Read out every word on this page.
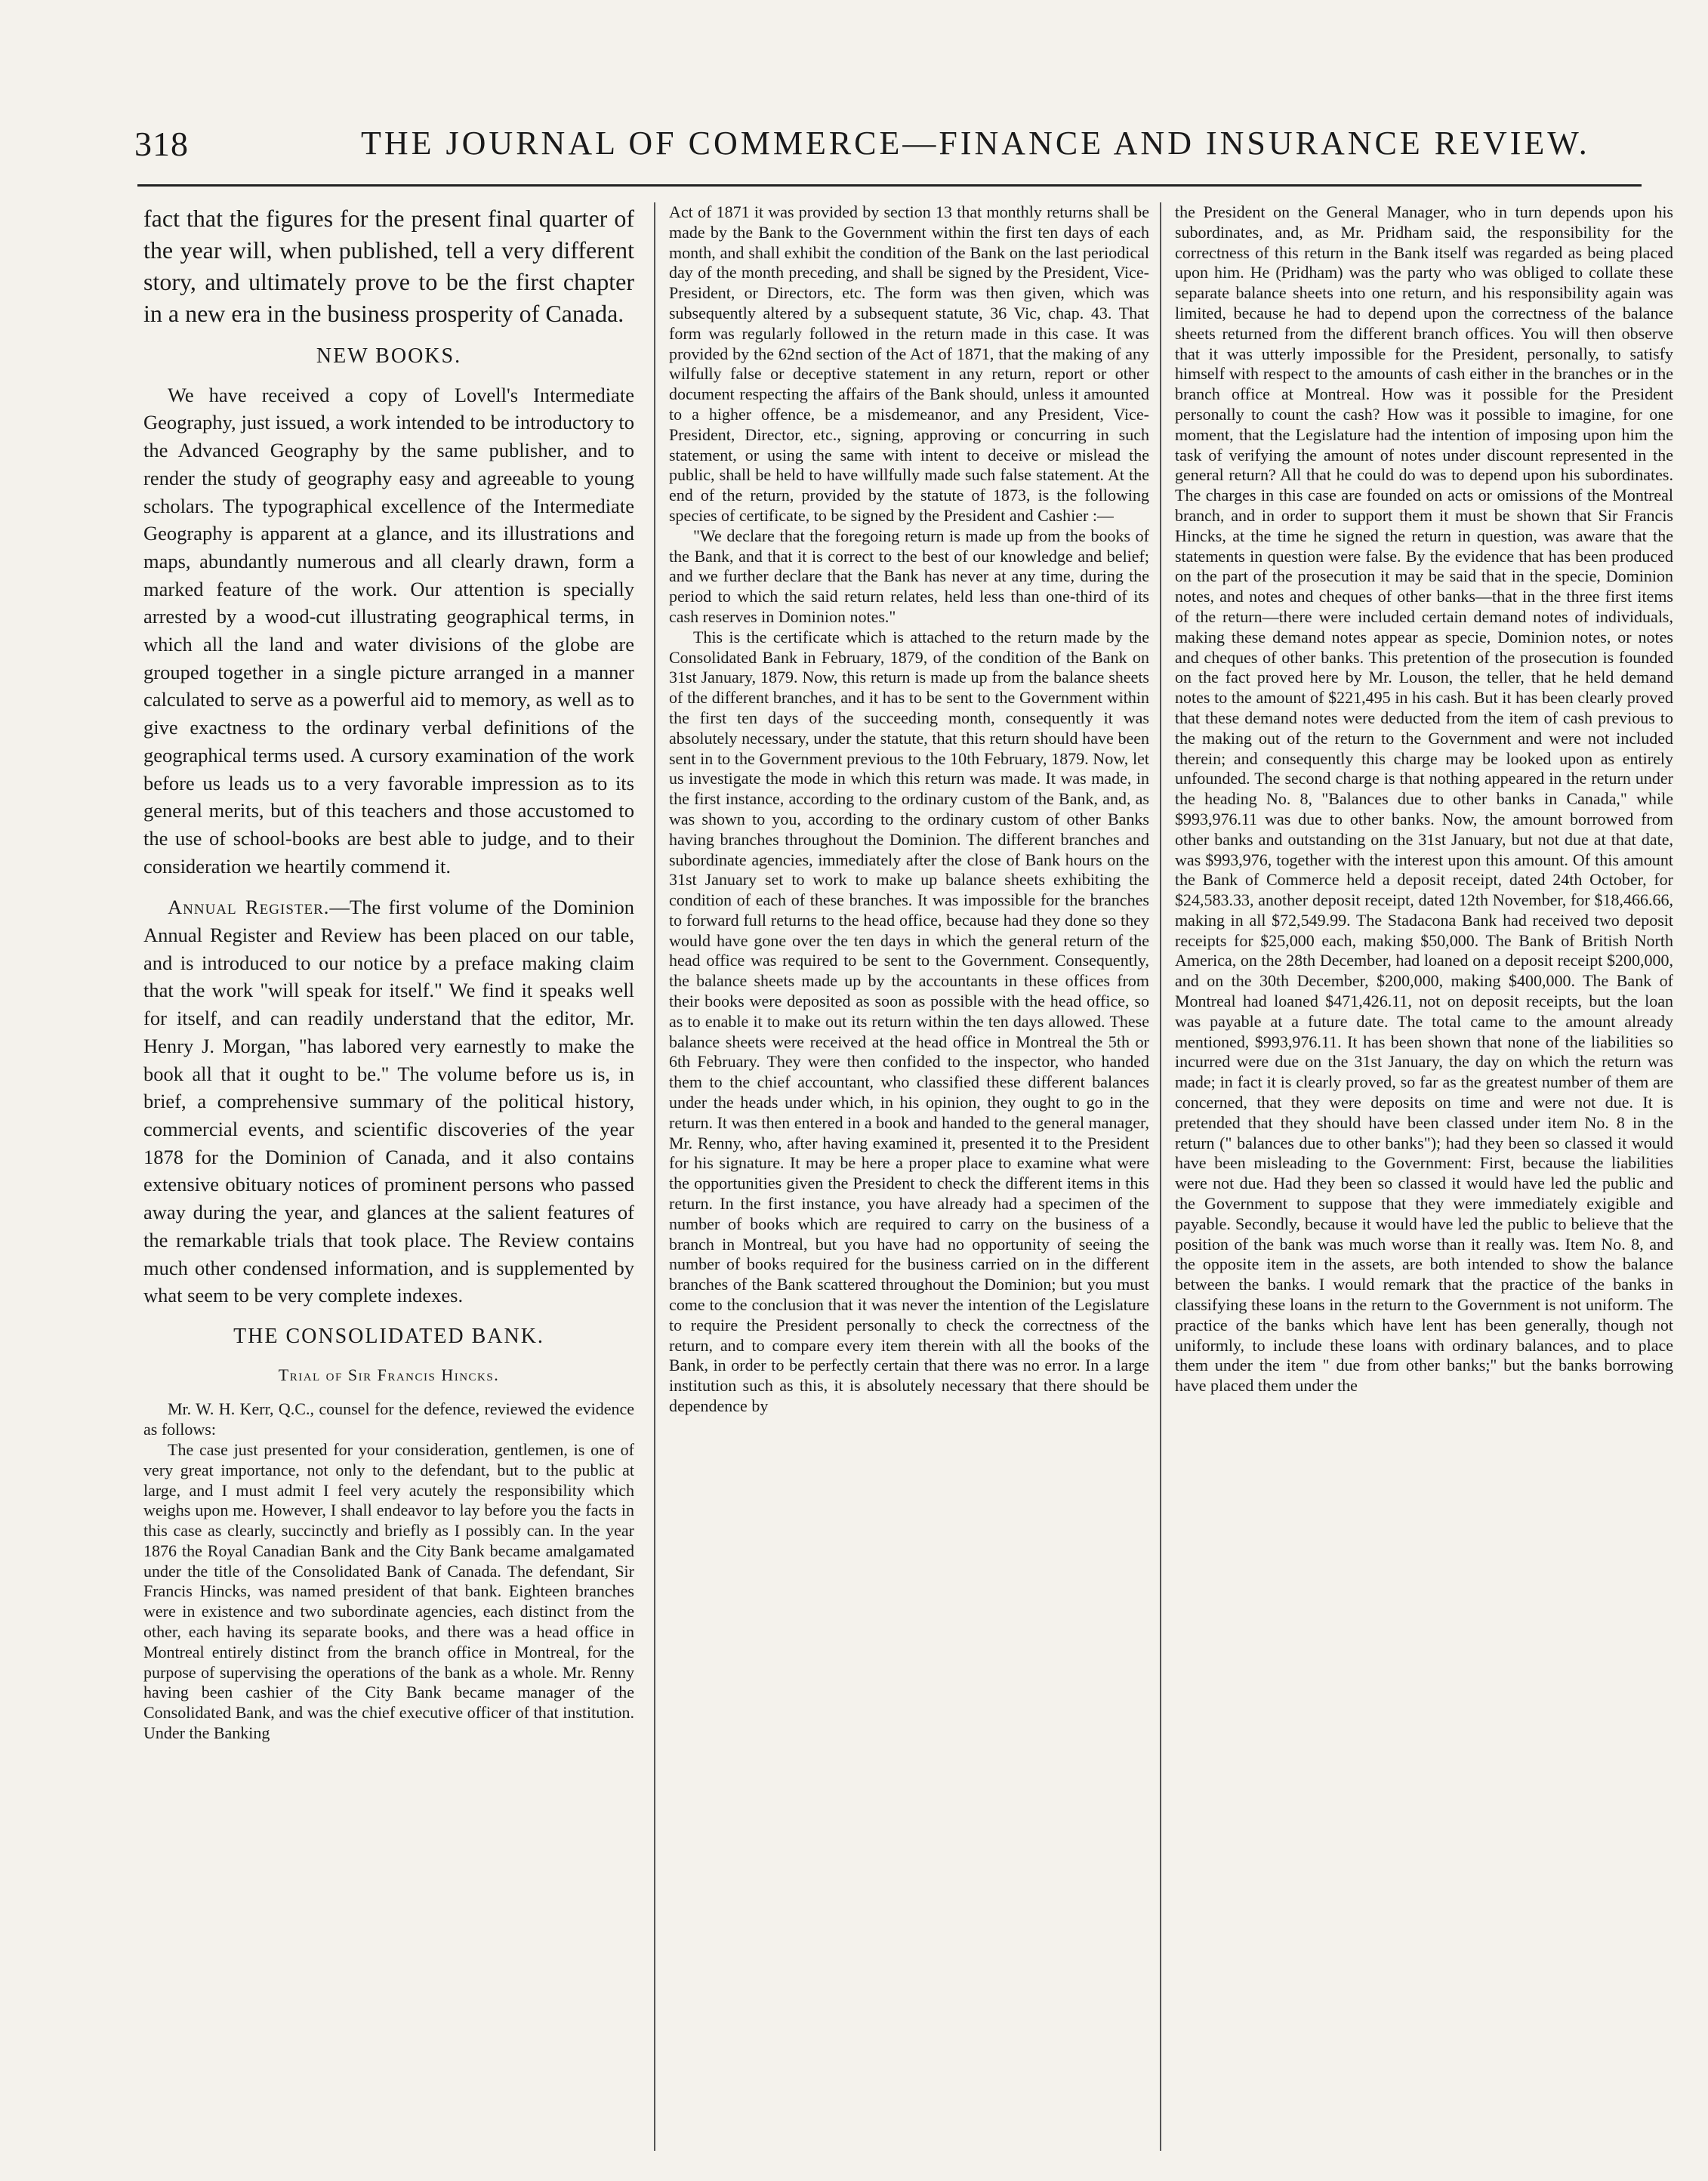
318	THE JOURNAL OF COMMERCE—FINANCE AND INSURANCE REVIEW.

fact that the figures for the present final quarter of the year will, when published, tell a very different story, and ultimately prove to be the first chapter in a new era in the business prosperity of Canada.

NEW BOOKS.

We have received a copy of Lovell's Intermediate Geography, just issued, a work intended to be introductory to the Advanced Geography by the same publisher, and to render the study of geography easy and agreeable to young scholars. The typographical excellence of the Intermediate Geography is apparent at a glance, and its illustrations and maps, abundantly numerous and all clearly drawn, form a marked feature of the work. Our attention is specially arrested by a wood-cut illustrating geographical terms, in which all the land and water divisions of the globe are grouped together in a single picture arranged in a manner calculated to serve as a powerful aid to memory, as well as to give exactness to the ordinary verbal definitions of the geographical terms used. A cursory examination of the work before us leads us to a very favorable impression as to its general merits, but of this teachers and those accustomed to the use of school-books are best able to judge, and to their consideration we heartily commend it.

Annual Register.—The first volume of the Dominion Annual Register and Review has been placed on our table, and is introduced to our notice by a preface making claim that the work "will speak for itself." We find it speaks well for itself, and can readily understand that the editor, Mr. Henry J. Morgan, "has labored very earnestly to make the book all that it ought to be." The volume before us is, in brief, a comprehensive summary of the political history, commercial events, and scientific discoveries of the year 1878 for the Dominion of Canada, and it also contains extensive obituary notices of prominent persons who passed away during the year, and glances at the salient features of the remarkable trials that took place. The Review contains much other condensed information, and is supplemented by what seem to be very complete indexes.

THE CONSOLIDATED BANK.

Trial of Sir Francis Hincks.

Mr. W. H. Kerr, Q.C., counsel for the defence, reviewed the evidence as follows:

The case just presented for your consideration, gentlemen, is one of very great importance, not only to the defendant, but to the public at large, and I must admit I feel very acutely the responsibility which weighs upon me. However, I shall endeavor to lay before you the facts in this case as clearly, succinctly and briefly as I possibly can. In the year 1876 the Royal Canadian Bank and the City Bank became amalgamated under the title of the Consolidated Bank of Canada. The defendant, Sir Francis Hincks, was named president of that bank. Eighteen branches were in existence and two subordinate agencies, each distinct from the other, each having its separate books, and there was a head office in Montreal entirely distinct from the branch office in Montreal, for the purpose of supervising the operations of the bank as a whole. Mr. Renny having been cashier of the City Bank became manager of the Consolidated Bank, and was the chief executive officer of that institution. Under the Banking

Act of 1871 it was provided by section 13 that monthly returns shall be made by the Bank to the Government within the first ten days of each month, and shall exhibit the condition of the Bank on the last periodical day of the month preceding, and shall be signed by the President, Vice-President, or Directors, etc. The form was then given, which was subsequently altered by a subsequent statute, 36 Vic, chap. 43. That form was regularly followed in the return made in this case. It was provided by the 62nd section of the Act of 1871, that the making of any wilfully false or deceptive statement in any return, report or other document respecting the affairs of the Bank should, unless it amounted to a higher offence, be a misdemeanor, and any President, Vice-President, Director, etc., signing, approving or concurring in such statement, or using the same with intent to deceive or mislead the public, shall be held to have willfully made such false statement. At the end of the return, provided by the statute of 1873, is the following species of certificate, to be signed by the President and Cashier :—

"We declare that the foregoing return is made up from the books of the Bank, and that it is correct to the best of our knowledge and belief; and we further declare that the Bank has never at any time, during the period to which the said return relates, held less than one-third of its cash reserves in Dominion notes."

This is the certificate which is attached to the return made by the Consolidated Bank in February, 1879, of the condition of the Bank on 31st January, 1879. Now, this return is made up from the balance sheets of the different branches, and it has to be sent to the Government within the first ten days of the succeeding month, consequently it was absolutely necessary, under the statute, that this return should have been sent in to the Government previous to the 10th February, 1879. Now, let us investigate the mode in which this return was made. It was made, in the first instance, according to the ordinary custom of the Bank, and, as was shown to you, according to the ordinary custom of other Banks having branches throughout the Dominion. The different branches and subordinate agencies, immediately after the close of Bank hours on the 31st January set to work to make up balance sheets exhibiting the condition of each of these branches. It was impossible for the branches to forward full returns to the head office, because had they done so they would have gone over the ten days in which the general return of the head office was required to be sent to the Government. Consequently, the balance sheets made up by the accountants in these offices from their books were deposited as soon as possible with the head office, so as to enable it to make out its return within the ten days allowed. These balance sheets were received at the head office in Montreal the 5th or 6th February. They were then confided to the inspector, who handed them to the chief accountant, who classified these different balances under the heads under which, in his opinion, they ought to go in the return. It was then entered in a book and handed to the general manager, Mr. Renny, who, after having examined it, presented it to the President for his signature. It may be here a proper place to examine what were the opportunities given the President to check the different items in this return. In the first instance, you have already had a specimen of the number of books which are required to carry on the business of a branch in Montreal, but you have had no opportunity of seeing the number of books required for the business carried on in the different branches of the Bank scattered throughout the Dominion; but you must come to the conclusion that it was never the intention of the Legislature to require the President personally to check the correctness of the return, and to compare every item therein with all the books of the Bank, in order to be perfectly certain that there was no error. In a large institution such as this, it is absolutely necessary that there should be dependence by

the President on the General Manager, who in turn depends upon his subordinates, and, as Mr. Pridham said, the responsibility for the correctness of this return in the Bank itself was regarded as being placed upon him. He (Pridham) was the party who was obliged to collate these separate balance sheets into one return, and his responsibility again was limited, because he had to depend upon the correctness of the balance sheets returned from the different branch offices. You will then observe that it was utterly impossible for the President, personally, to satisfy himself with respect to the amounts of cash either in the branches or in the branch office at Montreal. How was it possible for the President personally to count the cash? How was it possible to imagine, for one moment, that the Legislature had the intention of imposing upon him the task of verifying the amount of notes under discount represented in the general return? All that he could do was to depend upon his subordinates. The charges in this case are founded on acts or omissions of the Montreal branch, and in order to support them it must be shown that Sir Francis Hincks, at the time he signed the return in question, was aware that the statements in question were false. By the evidence that has been produced on the part of the prosecution it may be said that in the specie, Dominion notes, and notes and cheques of other banks—that in the three first items of the return—there were included certain demand notes of individuals, making these demand notes appear as specie, Dominion notes, or notes and cheques of other banks. This pretention of the prosecution is founded on the fact proved here by Mr. Louson, the teller, that he held demand notes to the amount of $221,495 in his cash. But it has been clearly proved that these demand notes were deducted from the item of cash previous to the making out of the return to the Government and were not included therein; and consequently this charge may be looked upon as entirely unfounded. The second charge is that nothing appeared in the return under the heading No. 8, "Balances due to other banks in Canada," while $993,976.11 was due to other banks. Now, the amount borrowed from other banks and outstanding on the 31st January, but not due at that date, was $993,976, together with the interest upon this amount. Of this amount the Bank of Commerce held a deposit receipt, dated 24th October, for $24,583.33, another deposit receipt, dated 12th November, for $18,466.66, making in all $72,549.99. The Stadacona Bank had received two deposit receipts for $25,000 each, making $50,000. The Bank of British North America, on the 28th December, had loaned on a deposit receipt $200,000, and on the 30th December, $200,000, making $400,000. The Bank of Montreal had loaned $471,426.11, not on deposit receipts, but the loan was payable at a future date. The total came to the amount already mentioned, $993,976.11. It has been shown that none of the liabilities so incurred were due on the 31st January, the day on which the return was made; in fact it is clearly proved, so far as the greatest number of them are concerned, that they were deposits on time and were not due. It is pretended that they should have been classed under item No. 8 in the return (" balances due to other banks"); had they been so classed it would have been misleading to the Government: First, because the liabilities were not due. Had they been so classed it would have led the public and the Government to suppose that they were immediately exigible and payable. Secondly, because it would have led the public to believe that the position of the bank was much worse than it really was. Item No. 8, and the opposite item in the assets, are both intended to show the balance between the banks. I would remark that the practice of the banks in classifying these loans in the return to the Government is not uniform. The practice of the banks which have lent has been generally, though not uniformly, to include these loans with ordinary balances, and to place them under the item " due from other banks;" but the banks borrowing have placed them under the
